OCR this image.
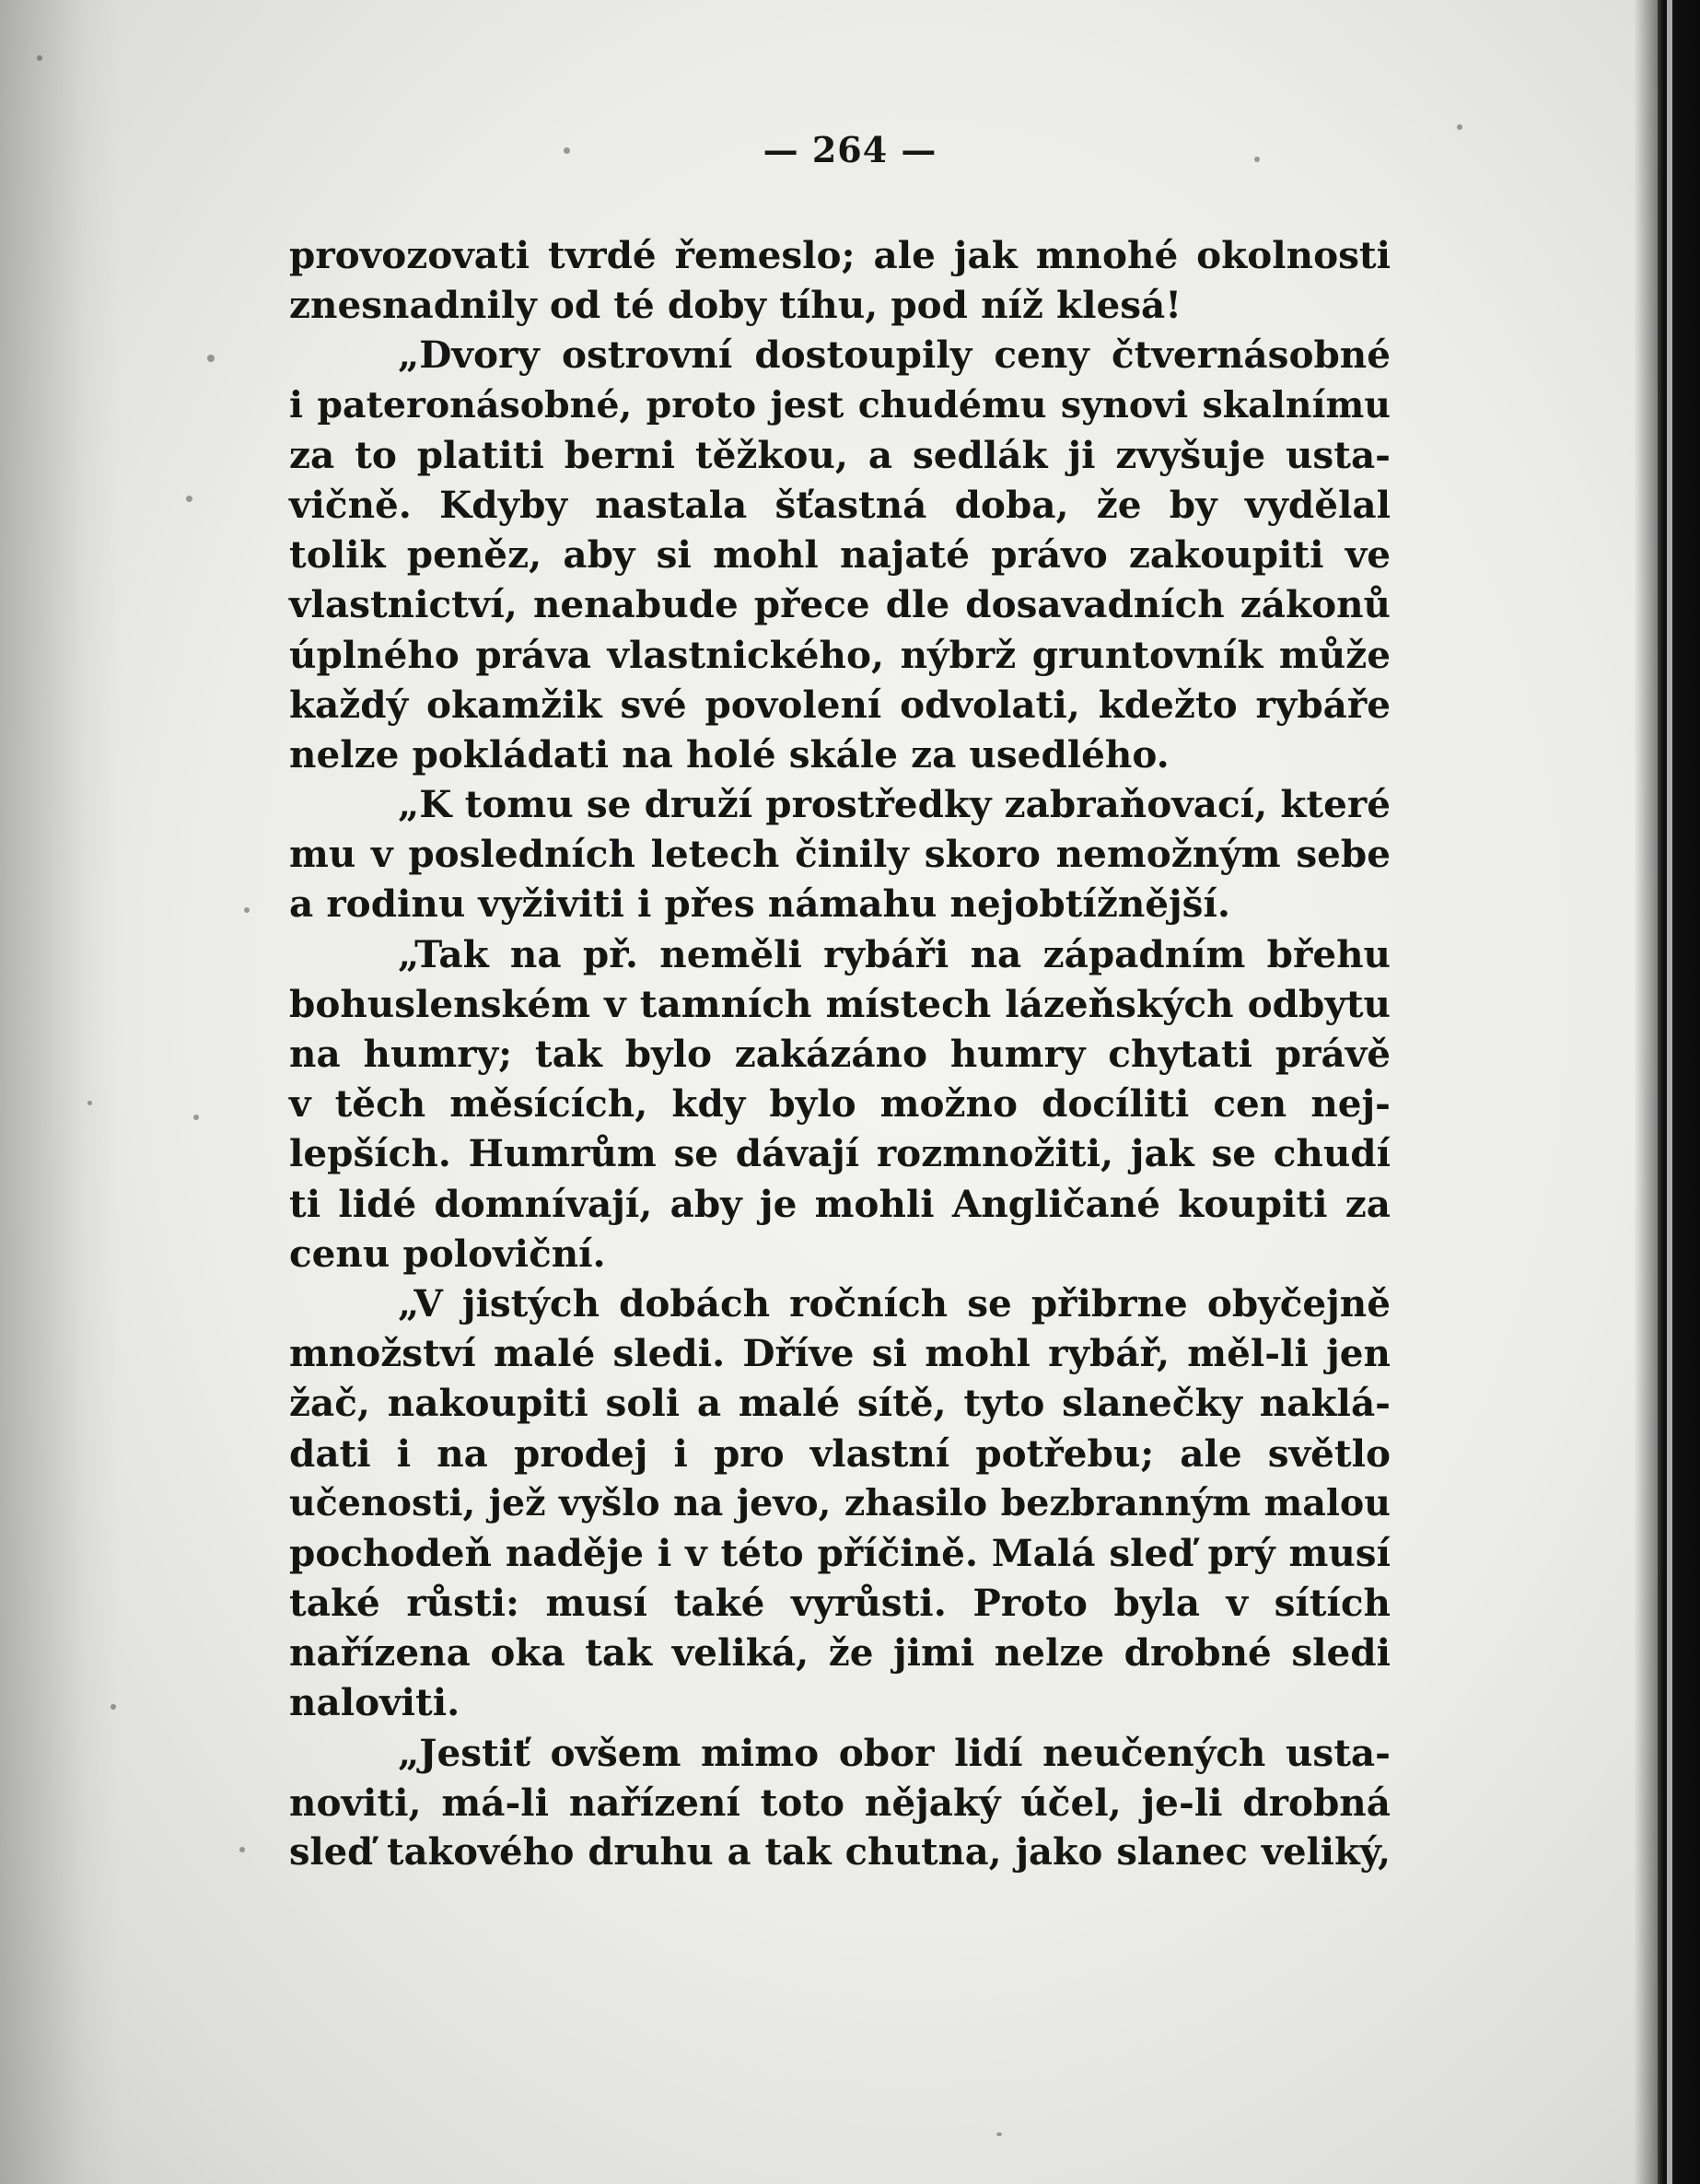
— 264 —
provozovati tvrdé řemeslo; ale jak mnohé okolnosti
znesnadnily od té doby tíhu, pod níž klesá!
„Dvory ostrovní dostoupily ceny čtvernásobné
i pateronásobné, proto jest chudému synovi skalnímu
za to platiti berni těžkou, a sedlák ji zvyšuje usta-
vičně. Kdyby nastala šťastná doba, že by vydělal
tolik peněz, aby si mohl najaté právo zakoupiti ve
vlastnictví, nenabude přece dle dosavadních zákonů
úplného práva vlastnického, nýbrž gruntovník může
každý okamžik své povolení odvolati, kdežto rybáře
nelze pokládati na holé skále za usedlého.
„K tomu se druží prostředky zabraňovací, které
mu v posledních letech činily skoro nemožným sebe
a rodinu vyživiti i přes námahu nejobtížnější.
„Tak na př. neměli rybáři na západním břehu
bohuslenském v tamních místech lázeňských odbytu
na humry; tak bylo zakázáno humry chytati právě
v těch měsících, kdy bylo možno docíliti cen nej-
lepších. Humrům se dávají rozmnožiti, jak se chudí
ti lidé domnívají, aby je mohli Angličané koupiti za
cenu poloviční.
„V jistých dobách ročních se přibrne obyčejně
množství malé sledi. Dříve si mohl rybář, měl-li jen
žač, nakoupiti soli a malé sítě, tyto slanečky naklá-
dati i na prodej i pro vlastní potřebu; ale světlo
učenosti, jež vyšlo na jevo, zhasilo bezbranným malou
pochodeň naděje i v této příčině. Malá sleď prý musí
také růsti: musí také vyrůsti. Proto byla v sítích
nařízena oka tak veliká, že jimi nelze drobné sledi
naloviti.
„Jestiť ovšem mimo obor lidí neučených usta-
noviti, má-li nařízení toto nějaký účel, je-li drobná
sleď takového druhu a tak chutna, jako slanec veliký,
